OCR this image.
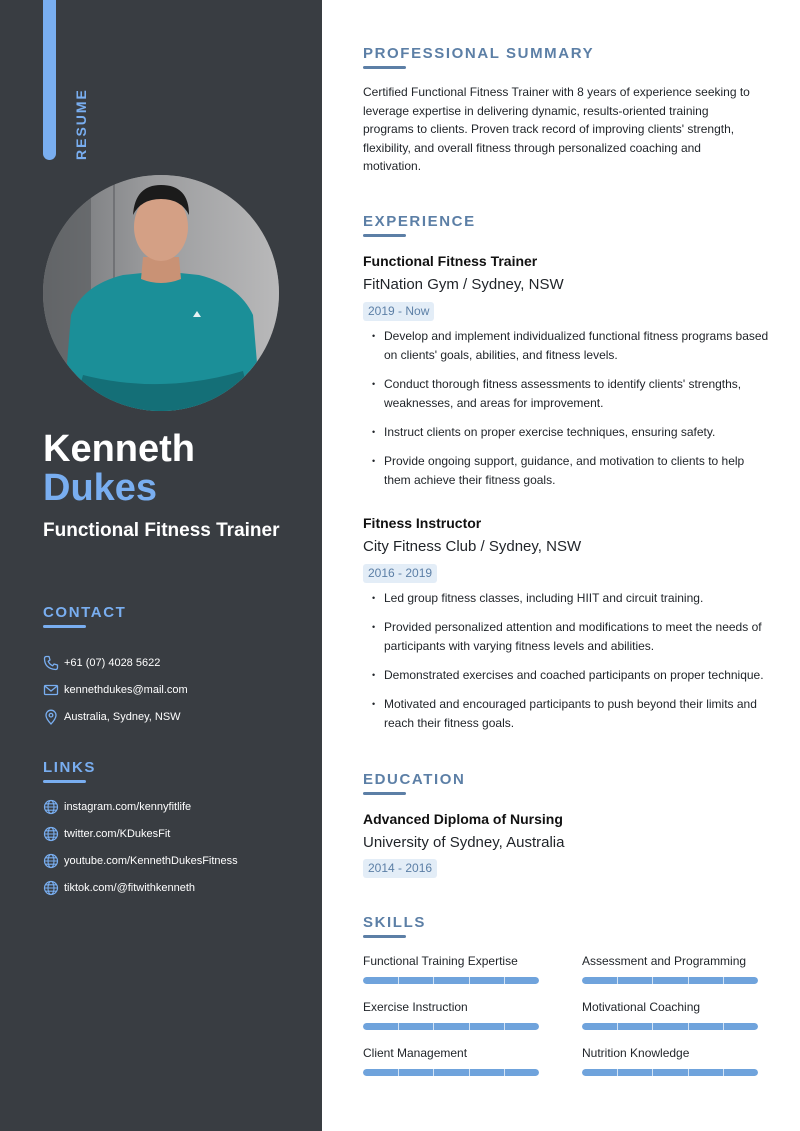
RESUME
Kenneth
Dukes
Functional Fitness Trainer
CONTACT
+61 (07) 4028 5622
kennethdukes@mail.com
Australia, Sydney, NSW
LINKS
instagram.com/kennyfitlife
twitter.com/KDukesFit
youtube.com/KennethDukesFitness
tiktok.com/@fitwithkenneth
PROFESSIONAL SUMMARY

Certified Functional Fitness Trainer with 8 years of experience seeking to leverage expertise in delivering dynamic, results-oriented training programs to clients. Proven track record of improving clients' strength, flexibility, and overall fitness through personalized coaching and motivation.

EXPERIENCE
Functional Fitness Trainer
FitNation Gym / Sydney, NSW
2019 - Now
• Develop and implement individualized functional fitness programs based on clients' goals, abilities, and fitness levels.
• Conduct thorough fitness assessments to identify clients' strengths, weaknesses, and areas for improvement.
• Instruct clients on proper exercise techniques, ensuring safety.
• Provide ongoing support, guidance, and motivation to clients to help them achieve their fitness goals.
Fitness Instructor
City Fitness Club / Sydney, NSW
2016 - 2019
• Led group fitness classes, including HIIT and circuit training.
• Provided personalized attention and modifications to meet the needs of participants with varying fitness levels and abilities.
• Demonstrated exercises and coached participants on proper technique.
• Motivated and encouraged participants to push beyond their limits and reach their fitness goals.
EDUCATION
Advanced Diploma of Nursing
University of Sydney, Australia
2014 - 2016
SKILLS
Functional Training Expertise	Assessment and Programming
Exercise Instruction	Motivational Coaching
Client Management	Nutrition Knowledge
